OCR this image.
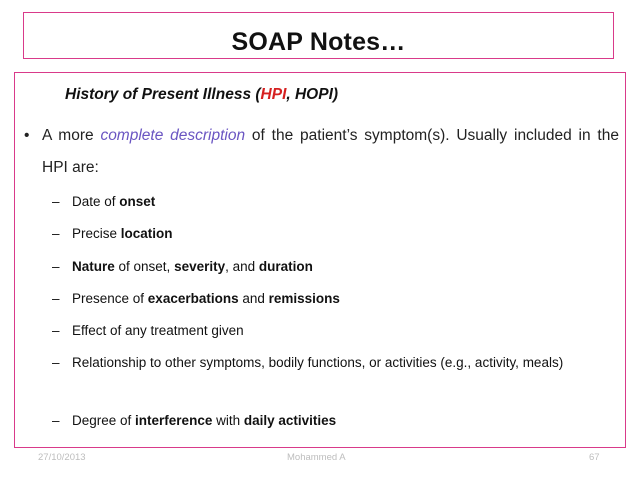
SOAP Notes…
History of Present Illness (HPI, HOPI)
• A more complete description of the patient’s symptom(s). Usually included in the HPI are:
– Date of onset
– Precise location
– Nature of onset, severity, and duration
– Presence of exacerbations and remissions
– Effect of any treatment given
– Relationship to other symptoms, bodily functions, or activities (e.g., activity, meals)
– Degree of interference with daily activities
27/10/2013	Mohammed A	67
